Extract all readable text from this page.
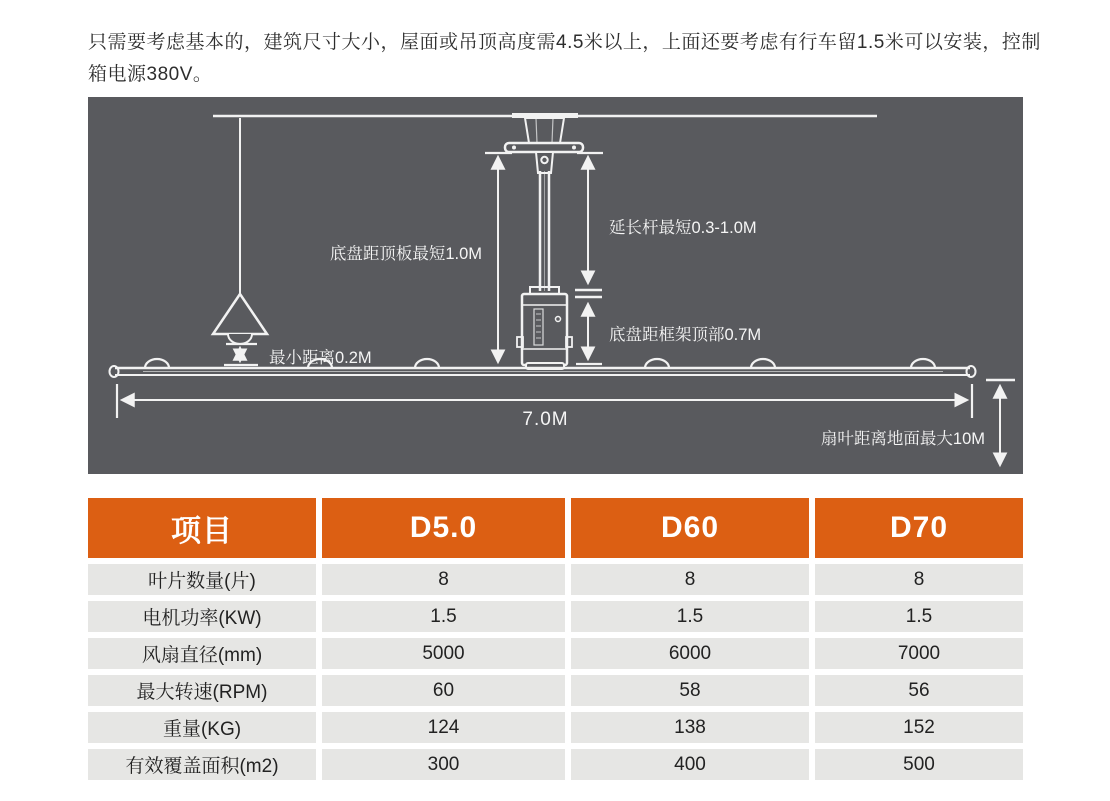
只需要考虑基本的，建筑尺寸大小，屋面或吊顶高度需4.5米以上，上面还要考虑有行车留1.5米可以安装，控制箱电源380V。
底盘距顶板最短1.0M
延长杆最短0.3-1.0M
底盘距框架顶部0.7M
最小距离0.2M
7.0M
扇叶距离地面最大10M
项目	D5.0	D60	D70
叶片数量(片)	8	8	8
电机功率(KW)	1.5	1.5	1.5
风扇直径(mm)	5000	6000	7000
最大转速(RPM)	60	58	56
重量(KG)	124	138	152
有效覆盖面积(m2)	300	400	500
